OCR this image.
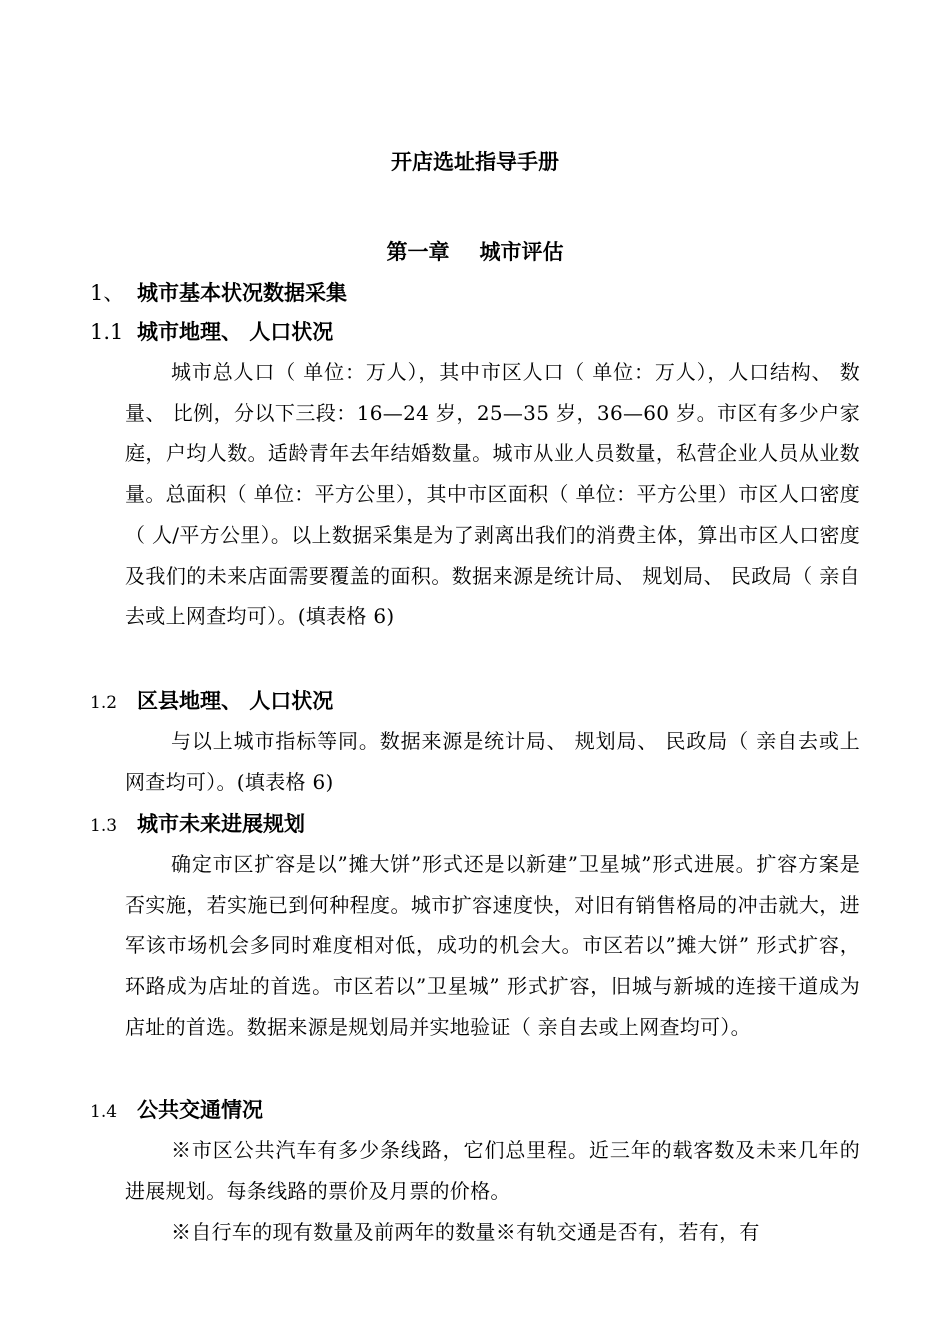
开店选址指导手册
第一章 城市评估
1、 城市基本状况数据采集
1.1 城市地理、 人口状况
城市总人口（ 单位：万人），其中市区人口（ 单位：万人），人口结构、 数量、 比例，分以下三段：16—24 岁，25—35 岁，36—60 岁。市区有多少户家庭，户均人数。适龄青年去年结婚数量。城市从业人员数量，私营企业人员从业数量。总面积（ 单位：平方公里），其中市区面积（ 单位：平方公里）市区人口密度（ 人/平方公里）。以上数据采集是为了剥离出我们的消费主体，算出市区人口密度及我们的未来店面需要覆盖的面积。数据来源是统计局、 规划局、 民政局（ 亲自去或上网查均可）。(填表格 6)
1.2 区县地理、 人口状况
与以上城市指标等同。数据来源是统计局、 规划局、 民政局（ 亲自去或上网查均可）。(填表格 6)
1.3 城市未来进展规划
确定市区扩容是以”摊大饼”形式还是以新建”卫星城”形式进展。扩容方案是否实施，若实施已到何种程度。城市扩容速度快，对旧有销售格局的冲击就大，进军该市场机会多同时难度相对低，成功的机会大。市区若以”摊大饼” 形式扩容，环路成为店址的首选。市区若以”卫星城” 形式扩容，旧城与新城的连接干道成为店址的首选。数据来源是规划局并实地验证（ 亲自去或上网查均可）。
1.4 公共交通情况
※市区公共汽车有多少条线路，它们总里程。近三年的载客数及未来几年的进展规划。每条线路的票价及月票的价格。
※自行车的现有数量及前两年的数量※有轨交通是否有，若有，有
